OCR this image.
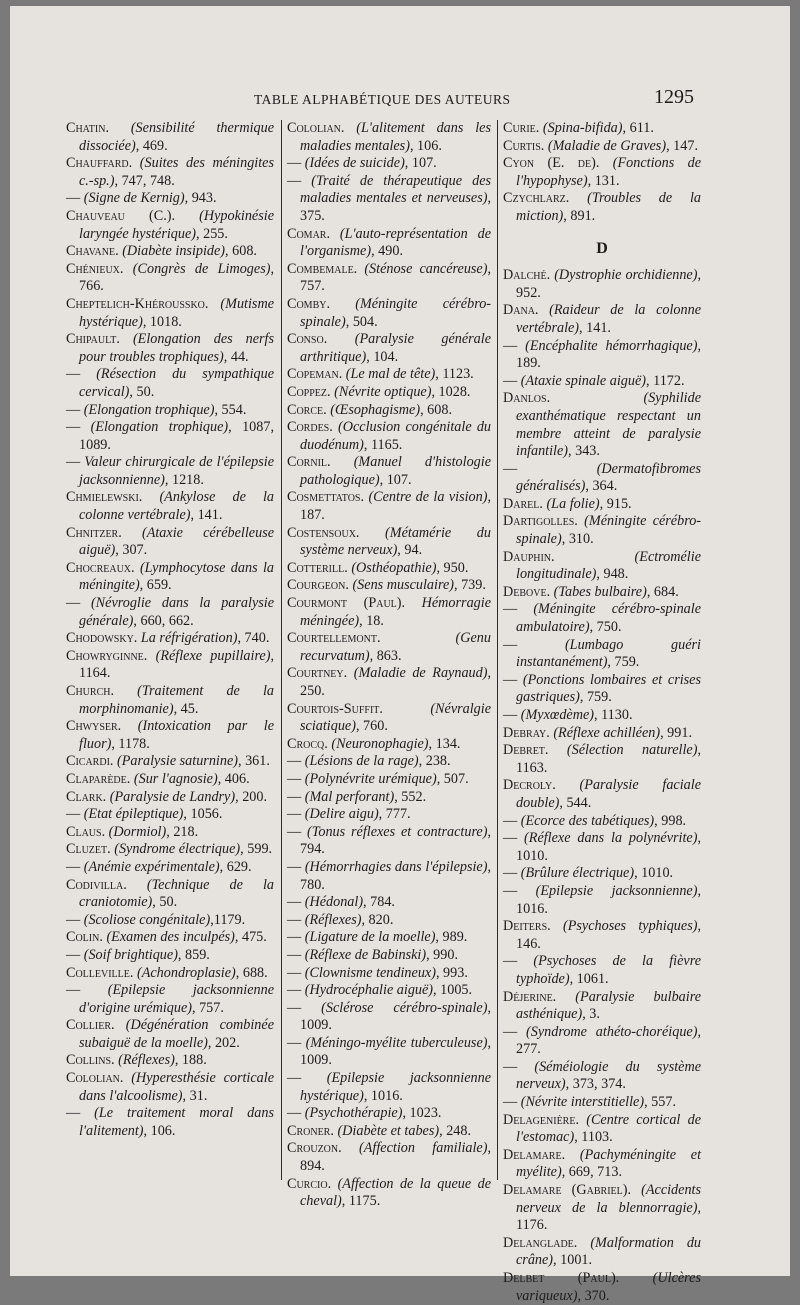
TABLE ALPHABÉTIQUE DES AUTEURS	1295

Chatin. (Sensibilité thermique dissociée), 469.

Chauffard. (Suites des méningites c.-sp.), 747, 748.

— (Signe de Kernig), 943.

Chauveau (C.). (Hypokinésie laryngée hystérique), 255.

Chavane. (Diabète insipide), 608.

Chénieux. (Congrès de Limoges), 766.

Cheptelich-Khéroussko. (Mutisme hystérique), 1018.

Chipault. (Elongation des nerfs pour troubles trophiques), 44.

— (Résection du sympathique cervical), 50.

— (Elongation trophique), 554.

— (Elongation trophique), 1087, 1089.

— Valeur chirurgicale de l'épilepsie jacksonnienne), 1218.

Chmielewski. (Ankylose de la colonne vertébrale), 141.

Chnitzer. (Ataxie cérébelleuse aiguë), 307.

Chocreaux. (Lymphocytose dans la méningite), 659.

— (Névroglie dans la paralysie générale), 660, 662.

Chodowsky. La réfrigération), 740.

Chowryginne. (Réflexe pupillaire), 1164.

Church. (Traitement de la morphinomanie), 45.

Chwyser. (Intoxication par le fluor), 1178.

Cicardi. (Paralysie saturnine), 361.

Claparède. (Sur l'agnosie), 406.

Clark. (Paralysie de Landry), 200.

— (Etat épileptique), 1056.

Claus. (Dormiol), 218.

Cluzet. (Syndrome électrique), 599.

— (Anémie expérimentale), 629.

Codivilla. (Technique de la craniotomie), 50.

— (Scoliose congénitale),1179.

Colin. (Examen des inculpés), 475.

— (Soif brightique), 859.

Colleville. (Achondroplasie), 688.

— (Epilepsie jacksonnienne d'origine urémique), 757.

Collier. (Dégénération combinée subaiguë de la moelle), 202.

Collins. (Réflexes), 188.

Cololian. (Hyperesthésie corticale dans l'alcoolisme), 31.

— (Le traitement moral dans l'alitement), 106.

Cololian. (L'alitement dans les maladies mentales), 106.

— (Idées de suicide), 107.

— (Traité de thérapeutique des maladies mentales et nerveuses), 375.

Comar. (L'auto-représentation de l'organisme), 490.

Combemale. (Sténose cancéreuse), 757.

Comby. (Méningite cérébro-spinale), 504.

Conso. (Paralysie générale arthritique), 104.

Copeman. (Le mal de tête), 1123.

Coppez. (Névrite optique), 1028.

Corce. (Œsophagisme), 608.

Cordes. (Occlusion congénitale du duodénum), 1165.

Cornil. (Manuel d'histologie pathologique), 107.

Cosmettatos. (Centre de la vision), 187.

Costensoux. (Métamérie du système nerveux), 94.

Cotterill. (Osthéopathie), 950.

Courgeon. (Sens musculaire), 739.

Courmont (Paul). Hémorragie méningée), 18.

Courtellemont.	(Genu recurvatum), 863.

Courtney. (Maladie de Raynaud), 250.

Courtois-Suffit.	(Névralgie sciatique), 760.

Crocq. (Neuronophagie), 134.

— (Lésions de la rage), 238.

— (Polynévrite urémique), 507.

— (Mal perforant), 552.

— (Delire aigu), 777.

— (Tonus réflexes et contracture), 794.

— (Hémorrhagies dans l'épilepsie), 780.

— (Hédonal), 784.

— (Réflexes), 820.

— (Ligature de la moelle), 989.

— (Réflexe de Babinski), 990.

— (Clownisme tendineux), 993.

— (Hydrocéphalie aiguë), 1005.

— (Sclérose cérébro-spinale), 1009.

— (Méningo-myélite tuberculeuse), 1009.

— (Epilepsie jacksonnienne hystérique), 1016.

— (Psychothérapie), 1023.

Croner. (Diabète et tabes), 248.

Crouzon. (Affection familiale), 894.

Curcio. (Affection de la queue de cheval), 1175.

Curie. (Spina-bifida), 611.

Curtis. (Maladie de Graves), 147.

Cyon (E. de). (Fonctions de l'hypophyse), 131.

Czychlarz. (Troubles de la miction), 891.

D

Dalché. (Dystrophie orchidienne), 952.

Dana. (Raideur de la colonne vertébrale), 141.

— (Encéphalite hémorrhagique), 189.

— (Ataxie spinale aiguë), 1172.

Danlos.	(Syphilide exanthématique respectant un membre atteint de paralysie infantile), 343.

—	(Dermatofibromes généralisés), 364.

Darel. (La folie), 915.

Dartigolles. (Méningite cérébro-spinale), 310.

Dauphin.	(Ectromélie longitudinale), 948.

Debove. (Tabes bulbaire), 684.

— (Méningite cérébro-spinale ambulatoire), 750.

—	(Lumbago guéri instantanément), 759.

— (Ponctions lombaires et crises gastriques), 759.

— (Myxœdème), 1130.

Debray. (Réflexe achilléen), 991.

Debret. (Sélection naturelle), 1163.

Decroly. (Paralysie faciale double), 544.

— (Ecorce des tabétiques), 998.

— (Réflexe dans la polynévrite), 1010.

— (Brûlure électrique), 1010.

— (Epilepsie jacksonnienne), 1016.

Deiters. (Psychoses typhiques), 146.

— (Psychoses de la fièvre typhoïde), 1061.

Déjerine. (Paralysie bulbaire asthénique), 3.

— (Syndrome athéto-choréique), 277.

— (Séméiologie du système nerveux), 373, 374.

— (Névrite interstitielle), 557.

Delagenière. (Centre cortical de l'estomac), 1103.

Delamare. (Pachyméningite et myélite), 669, 713.

Delamare (Gabriel). (Accidents nerveux de la blennorragie), 1176.

Delanglade. (Malformation du crâne), 1001.

Delbet (Paul). (Ulcères variqueux), 370.
